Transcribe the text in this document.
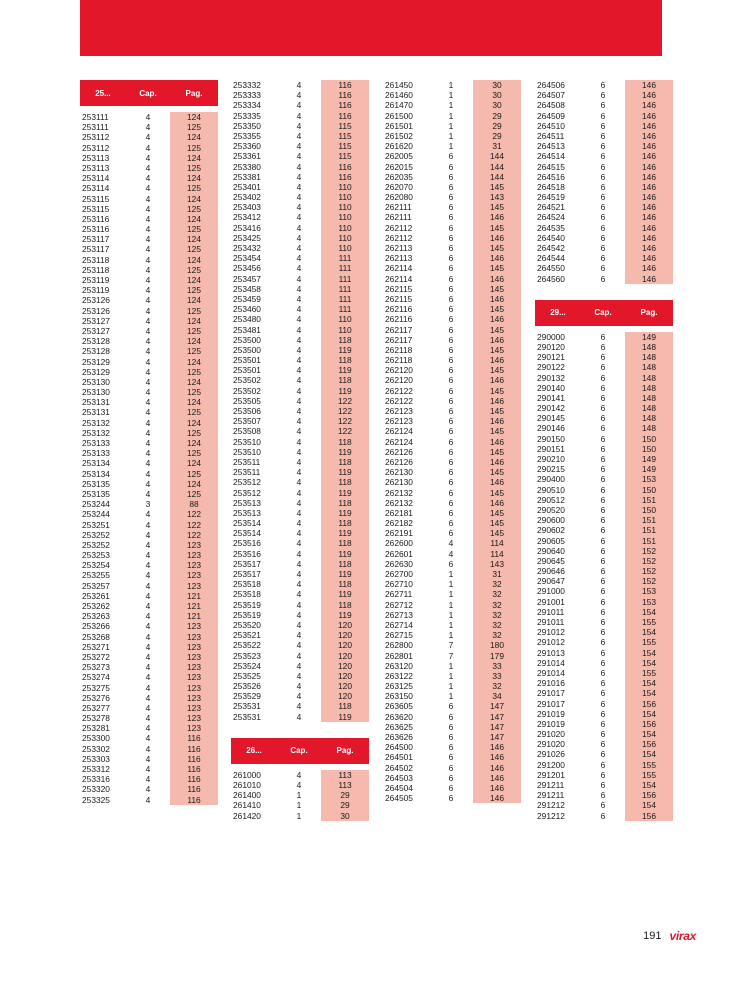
25...	Cap.	Pag.
253111	4	124
253111	4	125
253112	4	124
253112	4	125
253113	4	124
253113	4	125
253114	4	124
253114	4	125
253115	4	124
253115	4	125
253116	4	124
253116	4	125
253117	4	124
253117	4	125
253118	4	124
253118	4	125
253119	4	124
253119	4	125
253126	4	124
253126	4	125
253127	4	124
253127	4	125
253128	4	124
253128	4	125
253129	4	124
253129	4	125
253130	4	124
253130	4	125
253131	4	124
253131	4	125
253132	4	124
253132	4	125
253133	4	124
253133	4	125
253134	4	124
253134	4	125
253135	4	124
253135	4	125
253244	3	88
253244	4	122
253251	4	122
253252	4	122
253252	4	123
253253	4	123
253254	4	123
253255	4	123
253257	4	123
253261	4	121
253262	4	121
253263	4	121
253266	4	123
253268	4	123
253271	4	123
253272	4	123
253273	4	123
253274	4	123
253275	4	123
253276	4	123
253277	4	123
253278	4	123
253281	4	123
253300	4	116
253302	4	116
253303	4	116
253312	4	116
253316	4	116
253320	4	116
253325	4	116
253332	4	116
253333	4	116
253334	4	116
253335	4	116
253350	4	115
253355	4	115
253360	4	115
253361	4	115
253380	4	116
253381	4	116
253401	4	110
253402	4	110
253403	4	110
253412	4	110
253416	4	110
253425	4	110
253432	4	110
253454	4	111
253456	4	111
253457	4	111
253458	4	111
253459	4	111
253460	4	111
253480	4	110
253481	4	110
253500	4	118
253500	4	119
253501	4	118
253501	4	119
253502	4	118
253502	4	119
253505	4	122
253506	4	122
253507	4	122
253508	4	122
253510	4	118
253510	4	119
253511	4	118
253511	4	119
253512	4	118
253512	4	119
253513	4	118
253513	4	119
253514	4	118
253514	4	119
253516	4	118
253516	4	119
253517	4	118
253517	4	119
253518	4	118
253518	4	119
253519	4	118
253519	4	119
253520	4	120
253521	4	120
253522	4	120
253523	4	120
253524	4	120
253525	4	120
253526	4	120
253529	4	120
253531	4	118
253531	4	119
26...	Cap.	Pag.
261000	4	113
261010	4	113
261400	1	29
261410	1	29
261420	1	30
261450	1	30
261460	1	30
261470	1	30
261500	1	29
261501	1	29
261502	1	29
261620	1	31
262005	6	144
262015	6	144
262035	6	144
262070	6	145
262080	6	143
262111	6	145
262111	6	146
262112	6	145
262112	6	146
262113	6	145
262113	6	146
262114	6	145
262114	6	146
262115	6	145
262115	6	146
262116	6	145
262116	6	146
262117	6	145
262117	6	146
262118	6	145
262118	6	146
262120	6	145
262120	6	146
262122	6	145
262122	6	146
262123	6	145
262123	6	146
262124	6	145
262124	6	146
262126	6	145
262126	6	146
262130	6	145
262130	6	146
262132	6	145
262132	6	146
262181	6	145
262182	6	145
262191	6	145
262600	4	114
262601	4	114
262630	6	143
262700	1	31
262710	1	32
262711	1	32
262712	1	32
262713	1	32
262714	1	32
262715	1	32
262800	7	180
262801	7	179
263120	1	33
263122	1	33
263125	1	32
263150	1	34
263605	6	147
263620	6	147
263625	6	147
263626	6	147
264500	6	146
264501	6	146
264502	6	146
264503	6	146
264504	6	146
264505	6	146
264506	6	146
264507	6	146
264508	6	146
264509	6	146
264510	6	146
264511	6	146
264513	6	146
264514	6	146
264515	6	146
264516	6	146
264518	6	146
264519	6	146
264521	6	146
264524	6	146
264535	6	146
264540	6	146
264542	6	146
264544	6	146
264550	6	146
264560	6	146
29...	Cap.	Pag.
290000	6	149
290120	6	148
290121	6	148
290122	6	148
290132	6	148
290140	6	148
290141	6	148
290142	6	148
290145	6	148
290146	6	148
290150	6	150
290151	6	150
290210	6	149
290215	6	149
290400	6	153
290510	6	150
290512	6	151
290520	6	150
290600	6	151
290602	6	151
290605	6	151
290640	6	152
290645	6	152
290646	6	152
290647	6	152
291000	6	153
291001	6	153
291011	6	154
291011	6	155
291012	6	154
291012	6	155
291013	6	154
291014	6	154
291014	6	155
291016	6	154
291017	6	154
291017	6	156
291019	6	154
291019	6	156
291020	6	154
291020	6	156
291026	6	154
291200	6	155
291201	6	155
291211	6	154
291211	6	156
291212	6	154
291212	6	156
191 virax
